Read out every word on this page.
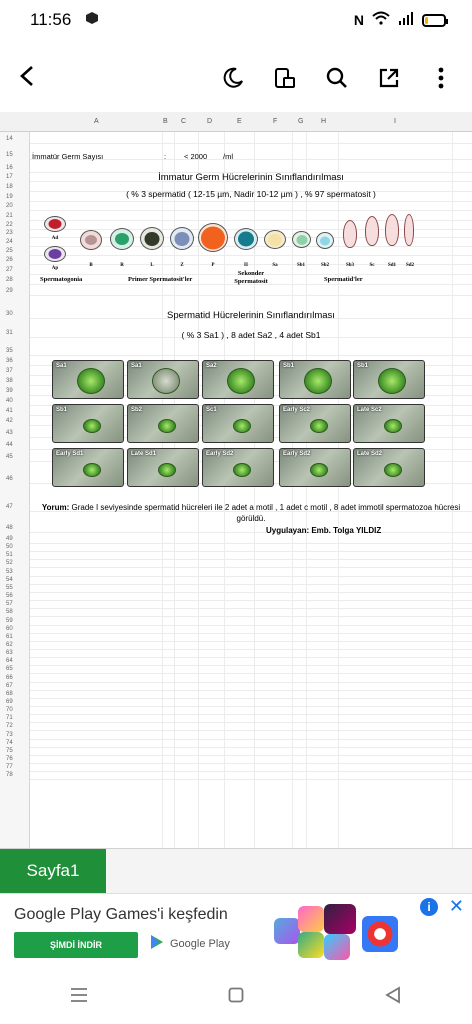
11:56	N
A	B C	D	E	F	G	H	I
14
15
16
17
18
19
20
21
22
23
24
25
26
27
28
29
30
31
35
36
37
38
39
40
41
42
43
44
45
46
47
48
49
50
51
52
53
54
55
56
57
58
59
60
61
62
63
64
65
66
67
68
69
70
71
72
73
74
75
76
77
78
İmmatür Germ Sayısı	: < 2000 /ml
İmmatur Germ Hücrelerinin Sınıflandırılması
( % 3 spermatid ( 12-15 µm, Nadir 10-12 µm ) , % 97 spermatosit )
Ad
Ap
B	R	L	Z	P	II	Sa	Sb1	Sb2	Sb3	Sc	Sd1	Sd2
Spermatogonia	Primer Spermatosit'ler
Sekonder Spermatosit	Spermatid'ler
Spermatid Hücrelerinin Sınıflandırılması
( % 3 Sa1 ) , 8 adet Sa2 , 4 adet Sb1
Sa1	Sa1	Sa2	Sb1	Sb1
Sb1	Sb2	Sc1	Early Sc2	Late Sc2
Early Sd1	Late Sd1	Early Sd2	Early Sd2	Late Sd2
Yorum: Grade I seviyesinde spermatid hücreleri ile 2 adet a motil , 1 adet c motil , 8 adet immotil spermatozoa hücresi görüldü.
Uygulayan: Emb. Tolga YILDIZ
Sayfa1
Google Play Games'i keşfedin
ŞİMDİ İNDİR	Google Play
i	✕
